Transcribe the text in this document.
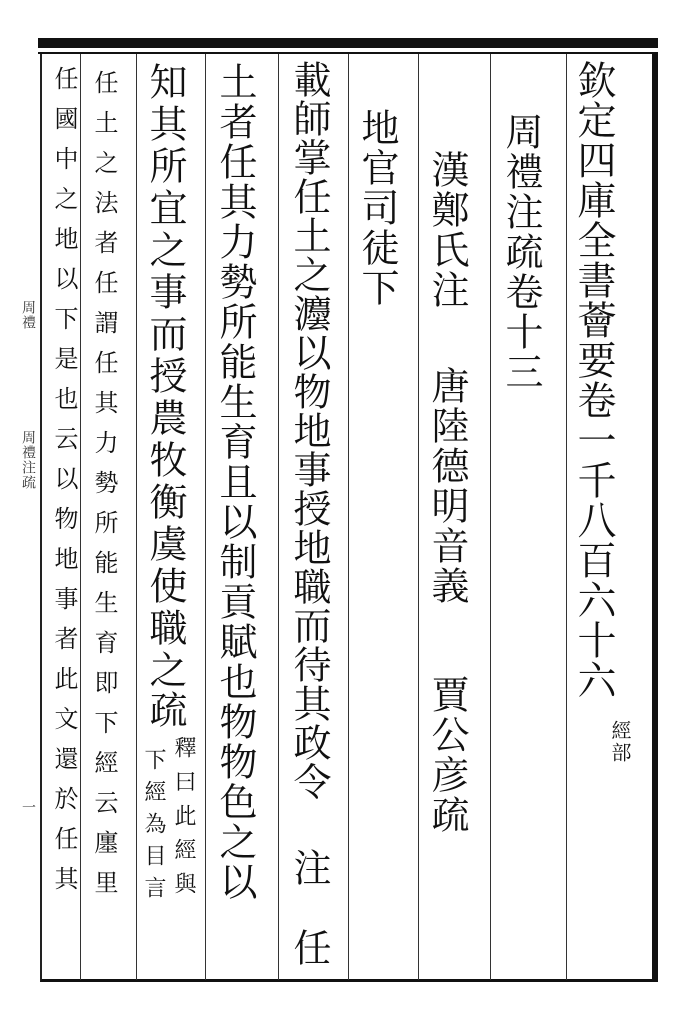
欽定四庫全書薈要卷一千八百六十六
經部
周禮注疏卷十三
漢鄭氏注
唐陸德明音義
賈公彦疏
地官司徒下
載師掌任土之灋以物地事授地職而待其政令
注
任
土者任其力勢所能生育且以制貢賦也物物色之以
知其所宜之事而授農牧衡虞使職之
疏
釋曰此經與
下經為目言
任土之法者任謂任其力勢所能生育即下經云廛里
任國中之地以下是也云以物地事者此文還於任其
周禮
周禮注疏
一
